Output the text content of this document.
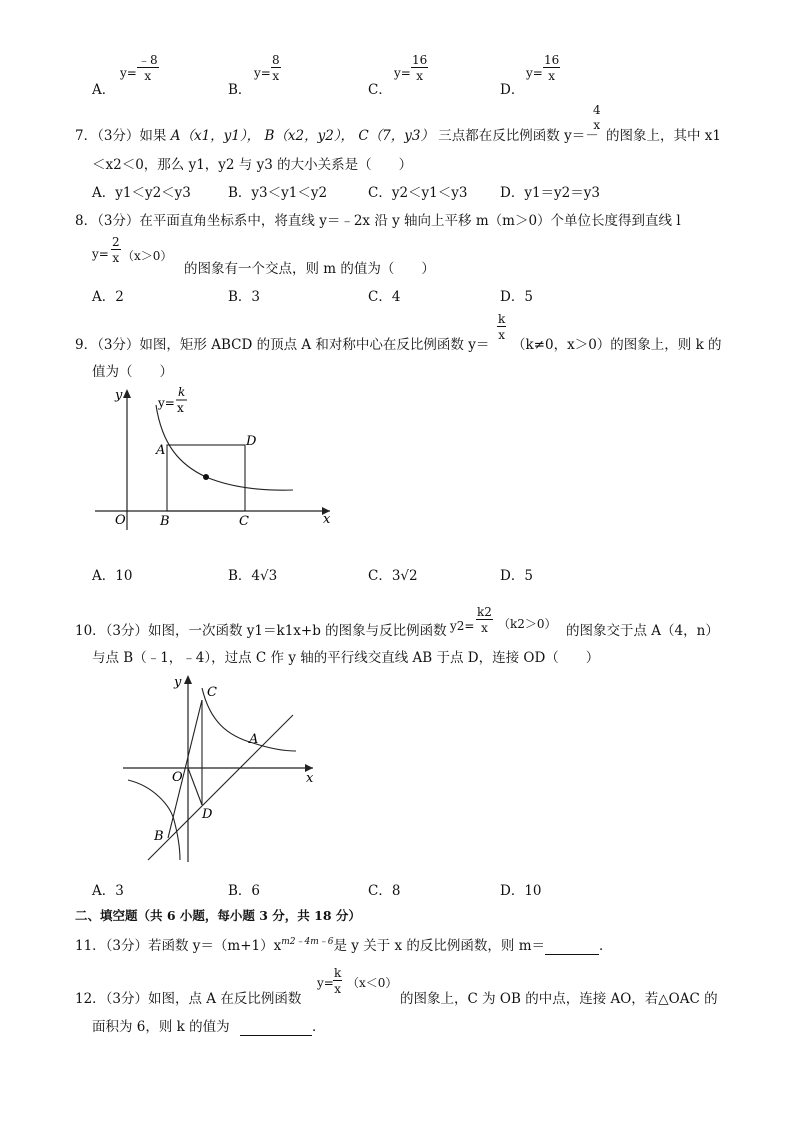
A．
$y= \frac{﹣8}{x}$
B．
$y= \frac{8}{x}$
C．
$y= \frac{16}{x}$
D．
$y= \frac{16}{x}$
7．（3分）如果 A（x1，y1）， B（x2，y2）， C（7，y3） 三点都在反比例函数 y＝－
4
x
的图象上，其中 x1
＜x2＜0，那么 y1，y2 与 y3 的大小关系是（　　）
A．y1＜y2＜y3	B．y3＜y1＜y2	C．y2＜y1＜y3 D．y1＝y2＝y3
8．（3分）在平面直角坐标系中，将直线 y＝﹣2x 沿 y 轴向上平移 m（m＞0）个单位长度得到直线 l
$y= \frac{2}{x} (x>0)$
的图象有一个交点，则 m 的值为（　　）
A．2	B．3	C．4	D．5
9．（3分）如图，矩形 ABCD 的顶点 A 和对称中心在反比例函数 y＝
$\frac{k}{x}$
（k≠0，x＞0）的图象上，则 k 的
值为（　　）
y
x
O
A
D
B	C
y=
k
x
A．10	B．4√3	C．3√2	D．5
10．（3分）如图，一次函数 y1＝k1x+b 的图象与反比例函数 $y2= \frac{k2}{x} (k2>0)$ 的图象交于点 A（4，n）
与点 B（﹣1，﹣4），过点 C 作 y 轴的平行线交直线 AB 于点 D，连接 OD（　　）
y
x
O
C
A
D
B
A．3	B．6	C．8	D．10
二、填空题（共 6 小题，每小题 3 分，共 18 分）
11．（3分）若函数 $y=(m+1)x^{m2﹣4m﹣6}$是 y 关于 x 的反比例函数，则 m＝	．
12．（3分）如图，点 A 在反比例函数
$y= \frac{k}{x} (x<0)$
的图象上，C 为 OB 的中点，连接 AO，若△OAC 的
面积为 6，则 k 的值为	．
